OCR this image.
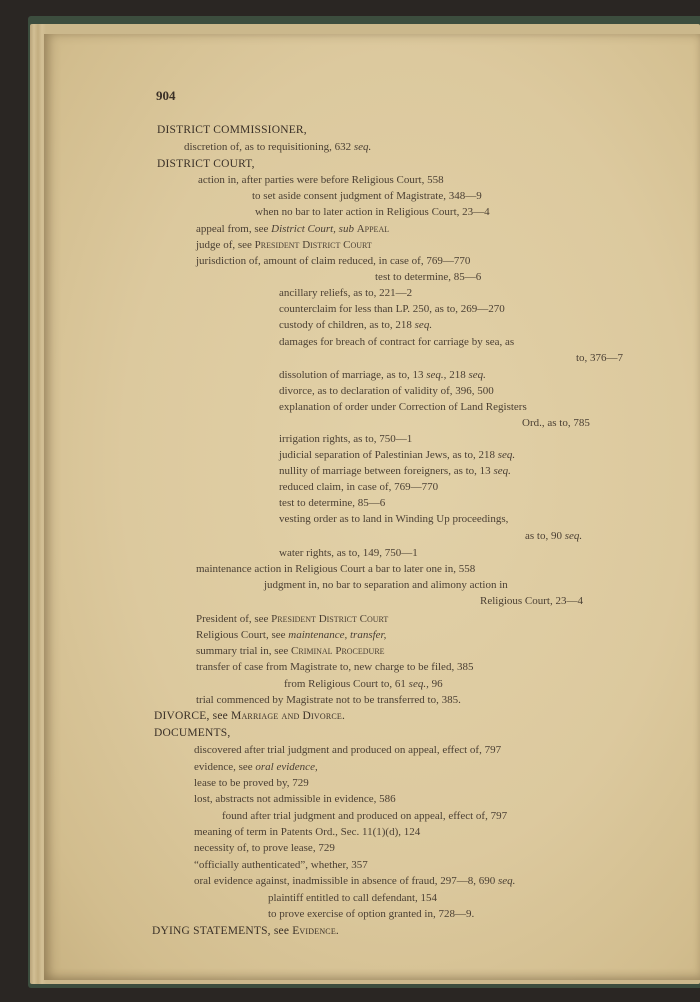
904
DISTRICT COMMISSIONER,
discretion of, as to requisitioning, 632 seq.
DISTRICT COURT,
action in, after parties were before Religious Court, 558
to set aside consent judgment of Magistrate, 348—9
when no bar to later action in Religious Court, 23—4
appeal from, see District Court, sub Appeal
judge of, see President District Court
jurisdiction of, amount of claim reduced, in case of, 769—770
test to determine, 85—6
ancillary reliefs, as to, 221—2
counterclaim for less than LP. 250, as to, 269—270
custody of children, as to, 218 seq.
damages for breach of contract for carriage by sea, as
to, 376—7
dissolution of marriage, as to, 13 seq., 218 seq.
divorce, as to declaration of validity of, 396, 500
explanation of order under Correction of Land Registers
Ord., as to, 785
irrigation rights, as to, 750—1
judicial separation of Palestinian Jews, as to, 218 seq.
nullity of marriage between foreigners, as to, 13 seq.
reduced claim, in case of, 769—770
test to determine, 85—6
vesting order as to land in Winding Up proceedings,
as to, 90 seq.
water rights, as to, 149, 750—1
maintenance action in Religious Court a bar to later one in, 558
judgment in, no bar to separation and alimony action in
Religious Court, 23—4
President of, see President District Court
Religious Court, see maintenance, transfer,
summary trial in, see Criminal Procedure
transfer of case from Magistrate to, new charge to be filed, 385
from Religious Court to, 61 seq., 96
trial commenced by Magistrate not to be transferred to, 385.
DIVORCE, see Marriage and Divorce.
DOCUMENTS,
discovered after trial judgment and produced on appeal, effect of, 797
evidence, see oral evidence,
lease to be proved by, 729
lost, abstracts not admissible in evidence, 586
found after trial judgment and produced on appeal, effect of, 797
meaning of term in Patents Ord., Sec. 11(1)(d), 124
necessity of, to prove lease, 729
“officially authenticated”, whether, 357
oral evidence against, inadmissible in absence of fraud, 297—8, 690 seq.
plaintiff entitled to call defendant, 154
to prove exercise of option granted in, 728—9.
DYING STATEMENTS, see Evidence.
